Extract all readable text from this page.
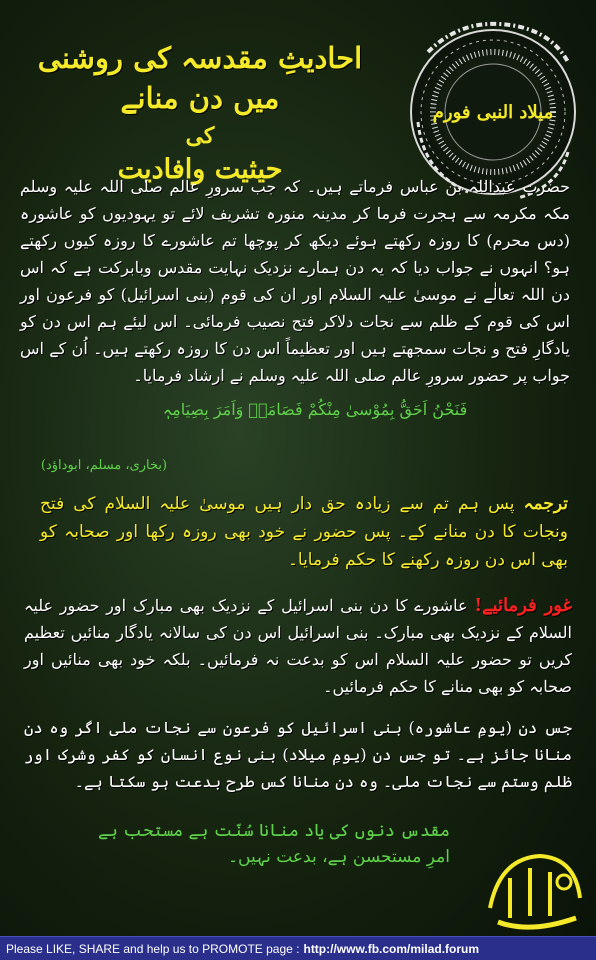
احادیثِ مقدسہ کی روشنی میں دن منانے
کی
حیثیت وافادیت
میلاد النبی فورم
حضرت عبداللہ بن عباس فرماتے ہیں۔ کہ جب سرورِ عالم صلی اللہ علیہ وسلم مکہ مکرمہ سے ہجرت فرما کر مدینہ منورہ تشریف لائے تو یہودیوں کو عاشورہ (دس محرم) کا روزہ رکھتے ہوئے دیکھ کر پوچھا تم عاشورے کا روزہ کیوں رکھتے ہو؟ انہوں نے جواب دیا کہ یہ دن ہمارے نزدیک نہایت مقدس وبابرکت ہے کہ اس دن اللہ تعالٰے نے موسیٰ علیہ السلام اور ان کی قوم (بنی اسرائیل) کو فرعون اور اس کی قوم کے ظلم سے نجات دلاکر فتح نصیب فرمائی۔ اس لیئے ہم اس دن کو یادگارِ فتح و نجات سمجھتے ہیں اور تعظیماً اس دن کا روزہ رکھتے ہیں۔ اُن کے اس جواب پر حضور سرورِ عالم صلی اللہ علیہ وسلم نے ارشاد فرمایا۔
فَنَحْنُ اَحَقُّ بِمُوْسیٰ مِنْکُمْ فَصَامَہٗ وَاَمَرَ بِصِیَامِہٖ
(بخاری، مسلم، ابوداؤد)
ترجمہ پس ہم تم سے زیادہ حق دار ہیں موسیٰ علیہ السلام کی فتح ونجات کا دن منانے کے۔ پس حضور نے خود بھی روزہ رکھا اور صحابہ کو بھی اس دن روزہ رکھنے کا حکم فرمایا۔
غور فرمائیے! عاشورے کا دن بنی اسرائیل کے نزدیک بھی مبارک اور حضور علیہ السلام کے نزدیک بھی مبارک۔ بنی اسرائیل اس دن کی سالانہ یادگار منائیں تعظیم کریں تو حضور علیہ السلام اس کو بدعت نہ فرمائیں۔ بلکہ خود بھی منائیں اور صحابہ کو بھی منانے کا حکم فرمائیں۔
جس دن (یومِ عاشورہ) بنی اسرائیل کو فرعون سے نجات ملی اگر وہ دن منانا جائز ہے۔ تو جس دن (یومِ میلاد) بنی نوع انسان کو کفر وشرک اور ظلم وستم سے نجات ملی۔ وہ دن منانا کس طرح بدعت ہو سکتا ہے۔
مقدس دنوں کی یاد منانا سُنّت ہے مستحب ہے
امرِ مستحسن ہے، بدعت نہیں۔
Please LIKE, SHARE and help us to PROMOTE page : http://www.fb.com/milad.forum
